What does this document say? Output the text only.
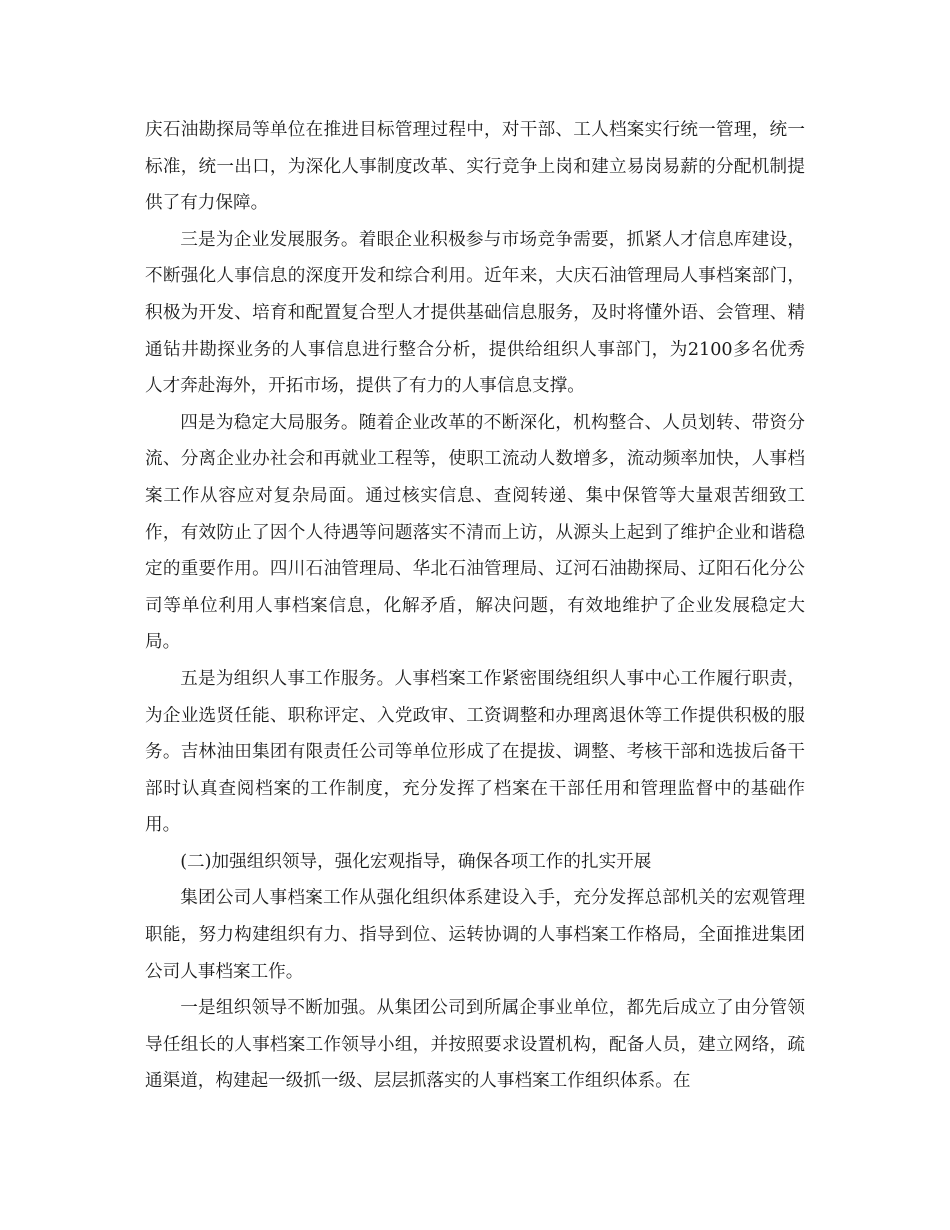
庆石油勘探局等单位在推进目标管理过程中，对干部、工人档案实行统一管理，统一标准，统一出口，为深化人事制度改革、实行竞争上岗和建立易岗易薪的分配机制提供了有力保障。

三是为企业发展服务。着眼企业积极参与市场竞争需要，抓紧人才信息库建设，不断强化人事信息的深度开发和综合利用。近年来，大庆石油管理局人事档案部门，积极为开发、培育和配置复合型人才提供基础信息服务，及时将懂外语、会管理、精通钻井勘探业务的人事信息进行整合分析，提供给组织人事部门，为2100多名优秀人才奔赴海外，开拓市场，提供了有力的人事信息支撑。

四是为稳定大局服务。随着企业改革的不断深化，机构整合、人员划转、带资分流、分离企业办社会和再就业工程等，使职工流动人数增多，流动频率加快，人事档案工作从容应对复杂局面。通过核实信息、查阅转递、集中保管等大量艰苦细致工作，有效防止了因个人待遇等问题落实不清而上访，从源头上起到了维护企业和谐稳定的重要作用。四川石油管理局、华北石油管理局、辽河石油勘探局、辽阳石化分公司等单位利用人事档案信息，化解矛盾，解决问题，有效地维护了企业发展稳定大局。

五是为组织人事工作服务。人事档案工作紧密围绕组织人事中心工作履行职责，为企业选贤任能、职称评定、入党政审、工资调整和办理离退休等工作提供积极的服务。吉林油田集团有限责任公司等单位形成了在提拔、调整、考核干部和选拔后备干部时认真查阅档案的工作制度，充分发挥了档案在干部任用和管理监督中的基础作用。

(二)加强组织领导，强化宏观指导，确保各项工作的扎实开展

集团公司人事档案工作从强化组织体系建设入手，充分发挥总部机关的宏观管理职能，努力构建组织有力、指导到位、运转协调的人事档案工作格局，全面推进集团公司人事档案工作。

一是组织领导不断加强。从集团公司到所属企事业单位，都先后成立了由分管领导任组长的人事档案工作领导小组，并按照要求设置机构，配备人员，建立网络，疏通渠道，构建起一级抓一级、层层抓落实的人事档案工作组织体系。在
